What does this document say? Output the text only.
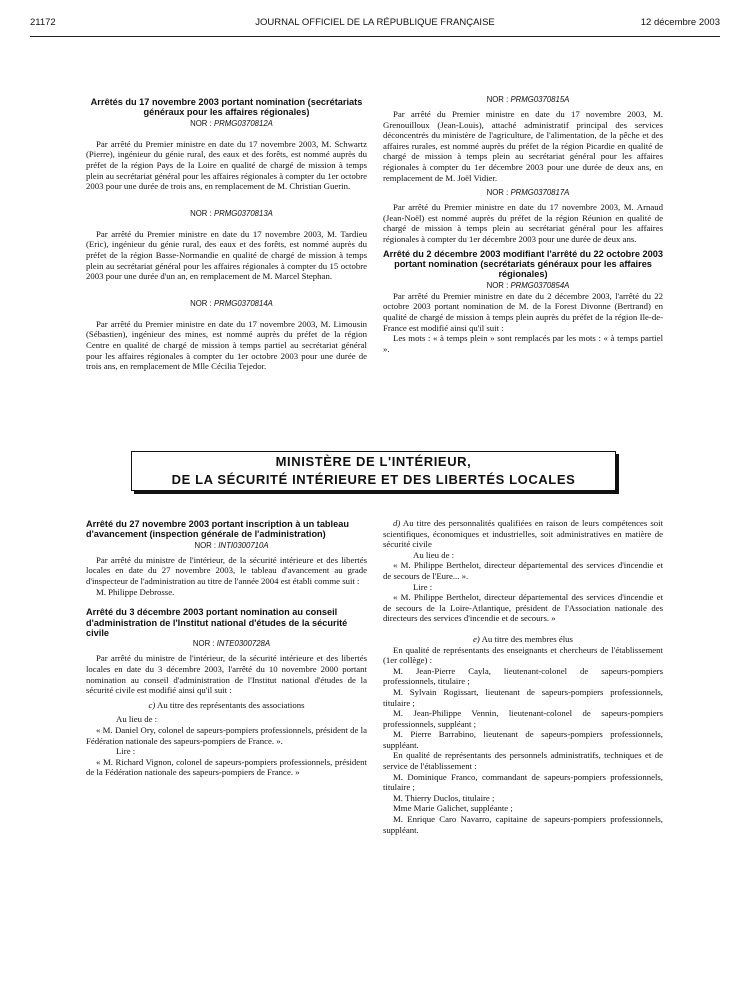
21172	JOURNAL OFFICIEL DE LA RÉPUBLIQUE FRANÇAISE	12 décembre 2003
Arrêtés du 17 novembre 2003 portant nomination (secrétariats généraux pour les affaires régionales)

NOR : PRMG0370812A

Par arrêté du Premier ministre en date du 17 novembre 2003, M. Schwartz (Pierre), ingénieur du génie rural, des eaux et des forêts, est nommé auprès du préfet de la région Pays de la Loire en qualité de chargé de mission à temps plein au secrétariat général pour les affaires régionales à compter du 1er octobre 2003 pour une durée de trois ans, en remplacement de M. Christian Guerin.

NOR : PRMG0370813A

Par arrêté du Premier ministre en date du 17 novembre 2003, M. Tardieu (Eric), ingénieur du génie rural, des eaux et des forêts, est nommé auprès du préfet de la région Basse-Normandie en qualité de chargé de mission à temps plein au secrétariat général pour les affaires régionales à compter du 15 octobre 2003 pour une durée d'un an, en remplacement de M. Marcel Stephan.

NOR : PRMG0370814A

Par arrêté du Premier ministre en date du 17 novembre 2003, M. Limousin (Sébastien), ingénieur des mines, est nommé auprès du préfet de la région Centre en qualité de chargé de mission à temps partiel au secrétariat général pour les affaires régionales à compter du 1er octobre 2003 pour une durée de trois ans, en remplacement de Mlle Cécilia Tejedor.

NOR : PRMG0370815A

Par arrêté du Premier ministre en date du 17 novembre 2003, M. Grenouilloux (Jean-Louis), attaché administratif principal des services déconcentrés du ministère de l'agriculture, de l'alimentation, de la pêche et des affaires rurales, est nommé auprès du préfet de la région Picardie en qualité de chargé de mission à temps plein au secrétariat général pour les affaires régionales à compter du 1er décembre 2003 pour une durée de deux ans, en remplacement de M. Joël Vidier.

NOR : PRMG0370817A

Par arrêté du Premier ministre en date du 17 novembre 2003, M. Arnaud (Jean-Noël) est nommé auprès du préfet de la région Réunion en qualité de chargé de mission à temps plein au secrétariat général pour les affaires régionales à compter du 1er décembre 2003 pour une durée de deux ans.

Arrêté du 2 décembre 2003 modifiant l'arrêté du 22 octobre 2003 portant nomination (secrétariats généraux pour les affaires régionales)

NOR : PRMG0370854A

Par arrêté du Premier ministre en date du 2 décembre 2003, l'arrêté du 22 octobre 2003 portant nomination de M. de la Forest Divonne (Bertrand) en qualité de chargé de mission à temps plein auprès du préfet de la région Ile-de-France est modifié ainsi qu'il suit :

Les mots : « à temps plein » sont remplacés par les mots : « à temps partiel ».

MINISTÈRE DE L'INTÉRIEUR,
DE LA SÉCURITÉ INTÉRIEURE ET DES LIBERTÉS LOCALES
Arrêté du 27 novembre 2003 portant inscription à un tableau d'avancement (inspection générale de l'administration)

NOR : INTI0300710A

Par arrêté du ministre de l'intérieur, de la sécurité intérieure et des libertés locales en date du 27 novembre 2003, le tableau d'avancement au grade d'inspecteur de l'administration au titre de l'année 2004 est établi comme suit :

M. Philippe Debrosse.

Arrêté du 3 décembre 2003 portant nomination au conseil d'administration de l'Institut national d'études de la sécurité civile

NOR : INTE0300728A

Par arrêté du ministre de l'intérieur, de la sécurité intérieure et des libertés locales en date du 3 décembre 2003, l'arrêté du 10 novembre 2000 portant nomination au conseil d'administration de l'Institut national d'études de la sécurité civile est modifié ainsi qu'il suit :

c) Au titre des représentants des associations

Au lieu de :

« M. Daniel Ory, colonel de sapeurs-pompiers professionnels, président de la Fédération nationale des sapeurs-pompiers de France. ».

Lire :

« M. Richard Vignon, colonel de sapeurs-pompiers professionnels, président de la Fédération nationale des sapeurs-pompiers de France. »

d) Au titre des personnalités qualifiées en raison de leurs compétences soit scientifiques, économiques et industrielles, soit administratives en matière de sécurité civile

Au lieu de :

« M. Philippe Berthelot, directeur départemental des services d'incendie et de secours de l'Eure... ».

Lire :

« M. Philippe Berthelot, directeur départemental des services d'incendie et de secours de la Loire-Atlantique, président de l'Association nationale des directeurs des services d'incendie et de secours. »

e) Au titre des membres élus

En qualité de représentants des enseignants et chercheurs de l'établissement (1er collège) :

M. Jean-Pierre Cayla, lieutenant-colonel de sapeurs-pompiers professionnels, titulaire ;

M. Sylvain Rogissart, lieutenant de sapeurs-pompiers professionnels, titulaire ;

M. Jean-Philippe Vennin, lieutenant-colonel de sapeurs-pompiers professionnels, suppléant ;

M. Pierre Barrabino, lieutenant de sapeurs-pompiers professionnels, suppléant.

En qualité de représentants des personnels administratifs, techniques et de service de l'établissement :

M. Dominique Franco, commandant de sapeurs-pompiers professionnels, titulaire ;

M. Thierry Duclos, titulaire ;

Mme Marie Galichet, suppléante ;

M. Enrique Caro Navarro, capitaine de sapeurs-pompiers professionnels, suppléant.
